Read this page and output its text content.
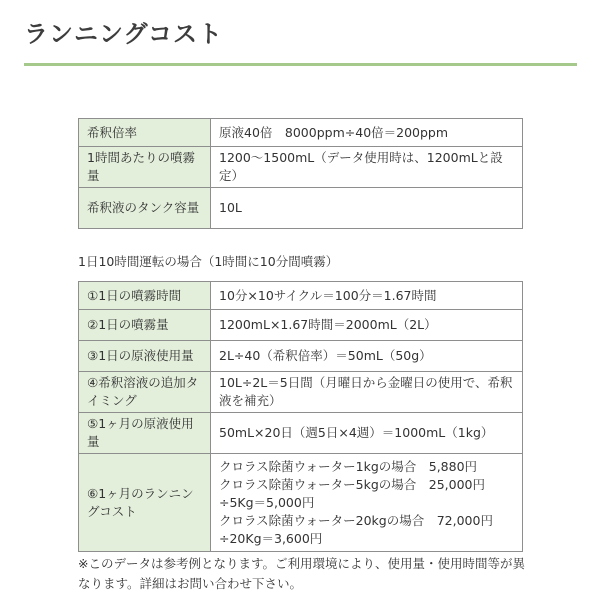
ランニングコスト
希釈倍率	原液40倍　8000ppm÷40倍＝200ppm
1時間あたりの噴霧量	1200〜1500mL（データ使用時は、1200mLと設定）
希釈液のタンク容量	10L

1日10時間運転の場合（1時間に10分間噴霧）

①1日の噴霧時間	10分×10サイクル＝100分＝1.67時間
②1日の噴霧量	1200mL×1.67時間＝2000mL（2L）
③1日の原液使用量	2L÷40（希釈倍率）＝50mL（50g）
④希釈溶液の追加タイミング	10L÷2L＝5日間（月曜日から金曜日の使用で、希釈液を補充）
⑤1ヶ月の原液使用量	50mL×20日（週5日×4週）＝1000mL（1kg）
⑥1ヶ月のランニングコスト	クロラス除菌ウォーター1kgの場合　5,880円
クロラス除菌ウォーター5kgの場合　25,000円÷5Kg＝5,000円
クロラス除菌ウォーター20kgの場合　72,000円÷20Kg＝3,600円

※このデータは参考例となります。ご利用環境により、使用量・使用時間等が異なります。詳細はお問い合わせ下さい。
